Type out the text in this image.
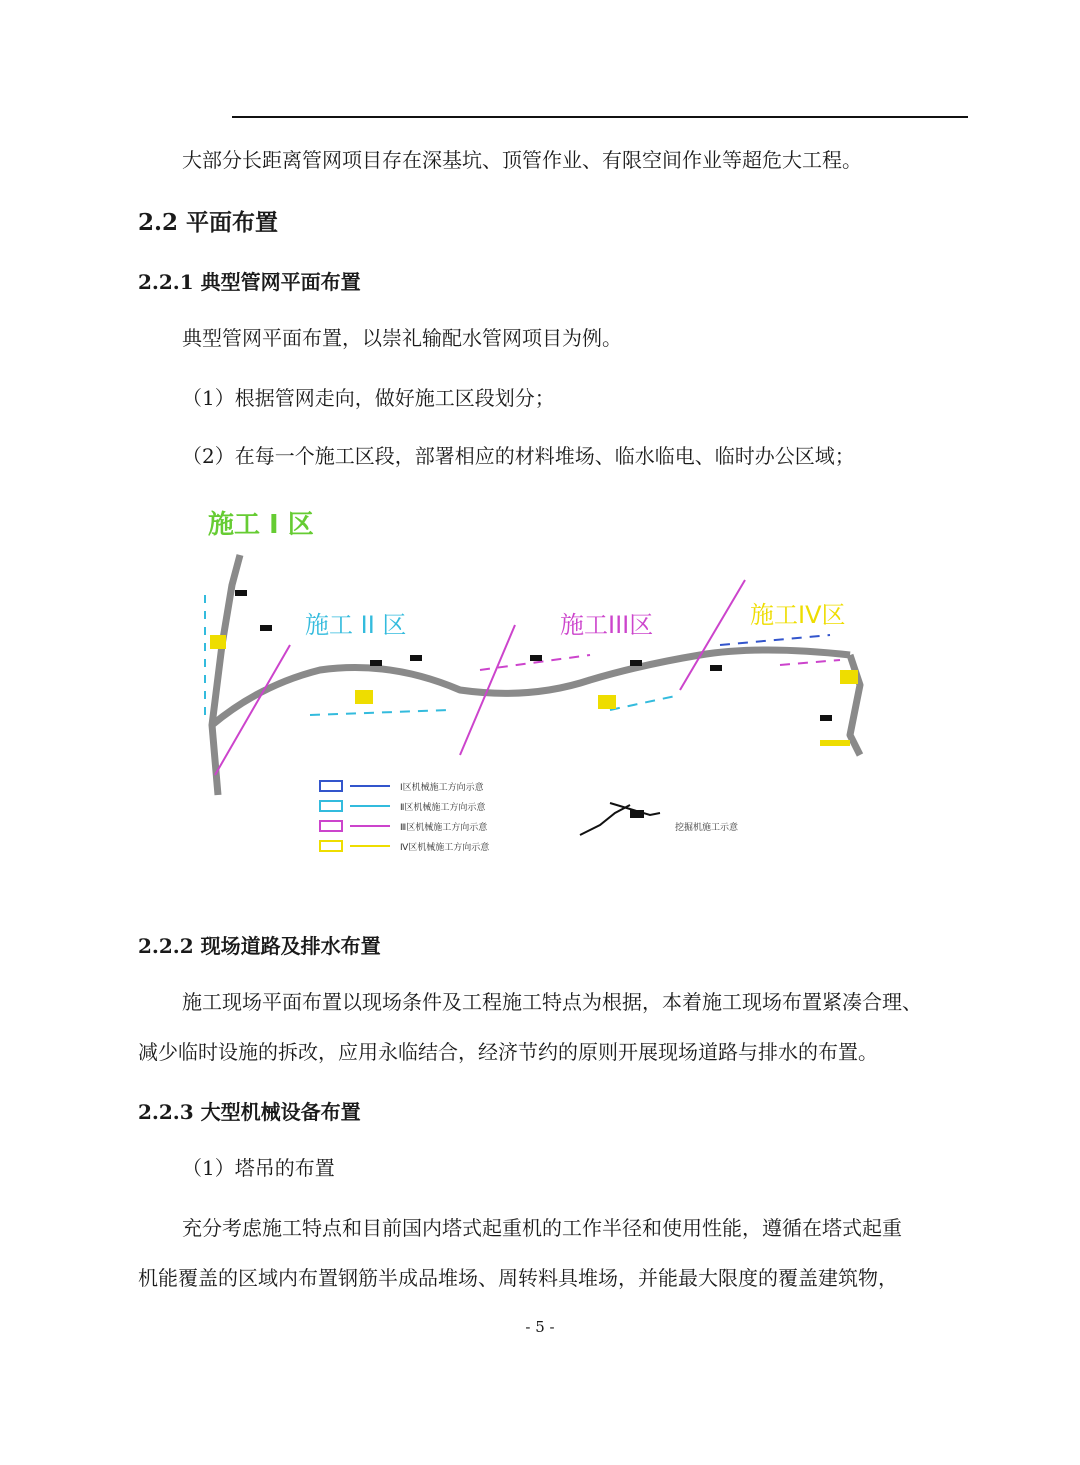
大部分长距离管网项目存在深基坑、顶管作业、有限空间作业等超危大工程。
2.2 平面布置
2.2.1 典型管网平面布置
典型管网平面布置，以崇礼输配水管网项目为例。
（1）根据管网走向，做好施工区段划分；
（2）在每一个施工区段，部署相应的材料堆场、临水临电、临时办公区域；
施工 I 区
施工 II 区	施工III区	施工IV区
Ⅰ区机械施工方向示意
Ⅱ区机械施工方向示意
Ⅲ区机械施工方向示意
Ⅳ区机械施工方向示意
挖掘机施工示意
2.2.2 现场道路及排水布置
施工现场平面布置以现场条件及工程施工特点为根据，本着施工现场布置紧凑合理、
减少临时设施的拆改，应用永临结合，经济节约的原则开展现场道路与排水的布置。
2.2.3 大型机械设备布置
（1）塔吊的布置
充分考虑施工特点和目前国内塔式起重机的工作半径和使用性能，遵循在塔式起重
机能覆盖的区域内布置钢筋半成品堆场、周转料具堆场，并能最大限度的覆盖建筑物，
- 5 -
